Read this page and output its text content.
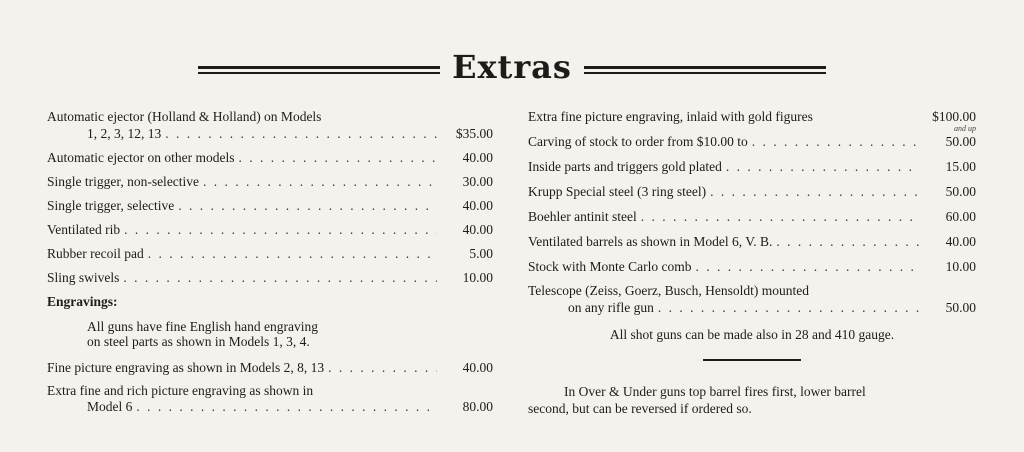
Extras
Automatic ejector (Holland & Holland) on Models
1, 2, 3, 12, 13 . . .	$35.00
Automatic ejector on other models . . .	40.00
Single trigger, non-selective . . .	30.00
Single trigger, selective . . .	40.00
Ventilated rib . . .	40.00
Rubber recoil pad . . .	5.00
Sling swivels . . .	10.00
Engravings:
All guns have fine English hand engraving
on steel parts as shown in Models 1, 3, 4.
Fine picture engraving as shown in Models 2, 8, 13 . . .	40.00
Extra fine and rich picture engraving as shown in
Model 6 . . .	80.00
Extra fine picture engraving, inlaid with gold figures	$100.00
and up
Carving of stock to order from $10.00 to . . .	50.00
Inside parts and triggers gold plated . . .	15.00
Krupp Special steel (3 ring steel) . . .	50.00
Boehler antinit steel . . .	60.00
Ventilated barrels as shown in Model 6, V. B. . . .	40.00
Stock with Monte Carlo comb . . .	10.00
Telescope (Zeiss, Goerz, Busch, Hensoldt) mounted
on any rifle gun . . .	50.00
All shot guns can be made also in 28 and 410 gauge.
In Over & Under guns top barrel fires first, lower barrel
second, but can be reversed if ordered so.
